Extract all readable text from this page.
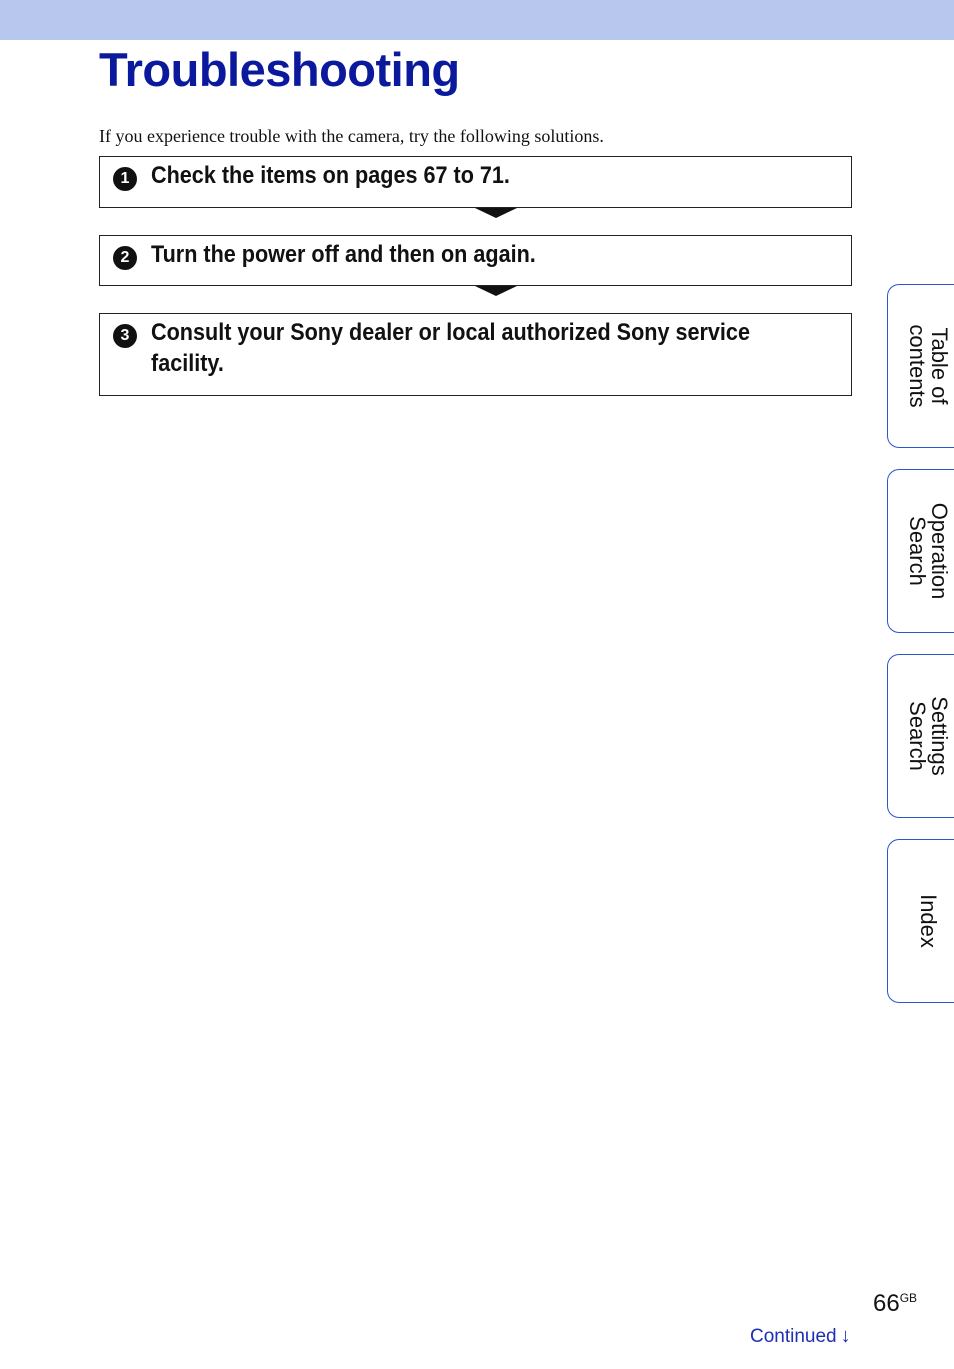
Troubleshooting

If you experience trouble with the camera, try the following solutions.

1 Check the items on pages 67 to 71.

2 Turn the power off and then on again.

3 Consult your Sony dealer or local authorized Sony service facility.	Table of
contents
Operation
Search
Settings
Search
Index
$66^{GB}$
Continued ↓
